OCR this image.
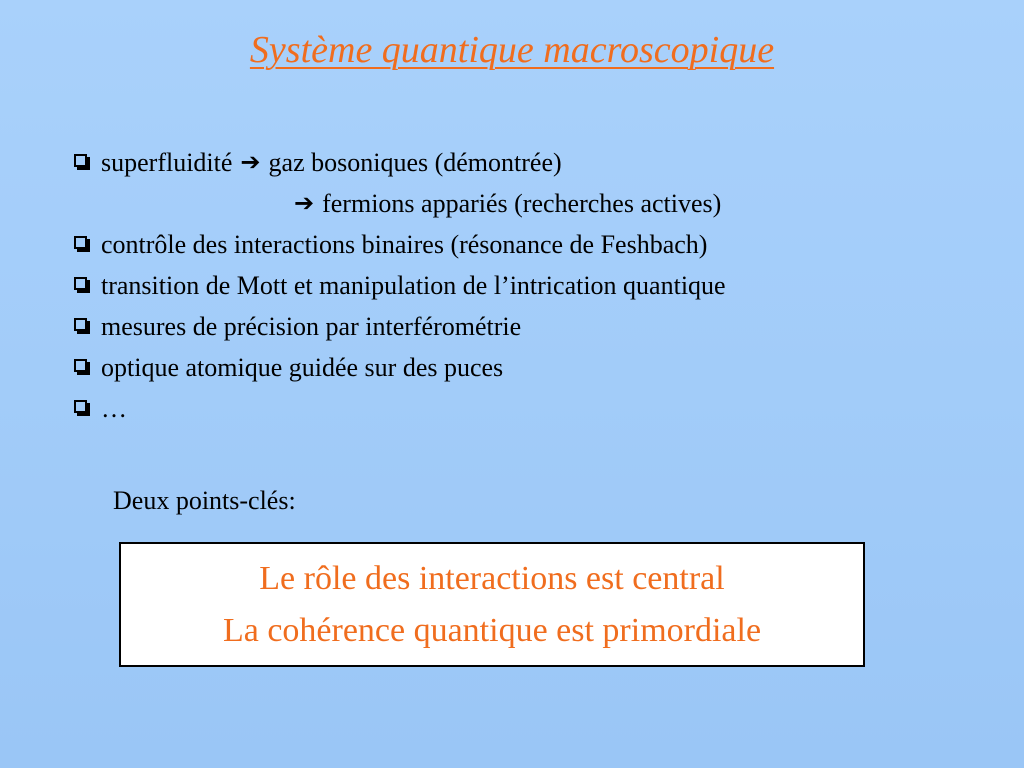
Système quantique macroscopique
superfluidité ➔ gaz bosoniques (démontrée)
➔ fermions appariés (recherches actives)
contrôle des interactions binaires (résonance de Feshbach)
transition de Mott et manipulation de l’intrication quantique
mesures de précision par interférométrie
optique atomique guidée sur des puces
…
Deux points-clés:
Le rôle des interactions est central
La cohérence quantique est primordiale
